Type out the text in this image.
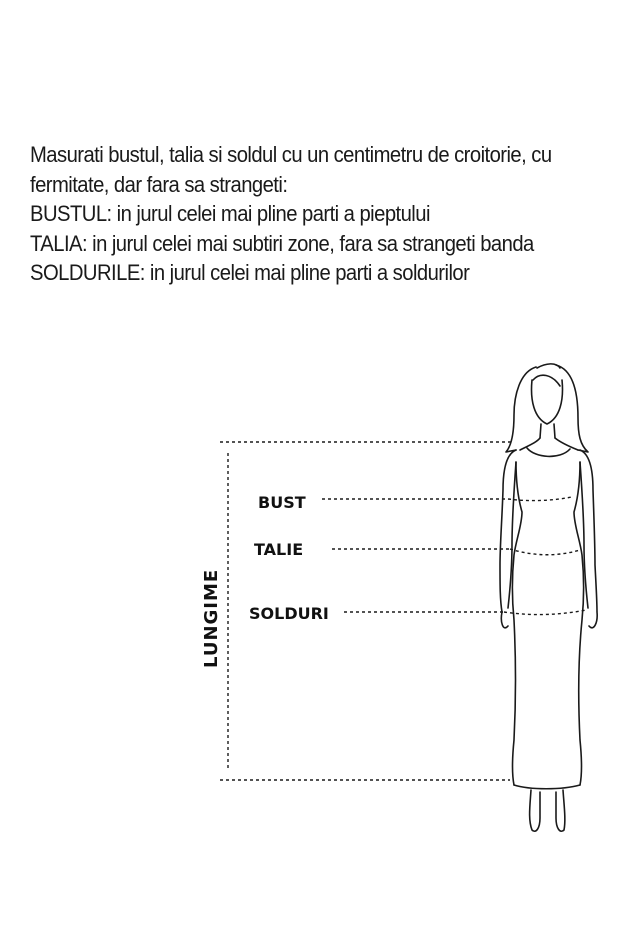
Masurati bustul, talia si soldul cu un centimetru de croitorie, cu
fermitate, dar fara sa strangeti:
BUSTUL: in jurul celei mai pline parti a pieptului
TALIA: in jurul celei mai subtiri zone, fara sa strangeti banda
SOLDURILE: in jurul celei mai pline parti a soldurilor
BUST
TALIE
SOLDURI
LUNGIME
